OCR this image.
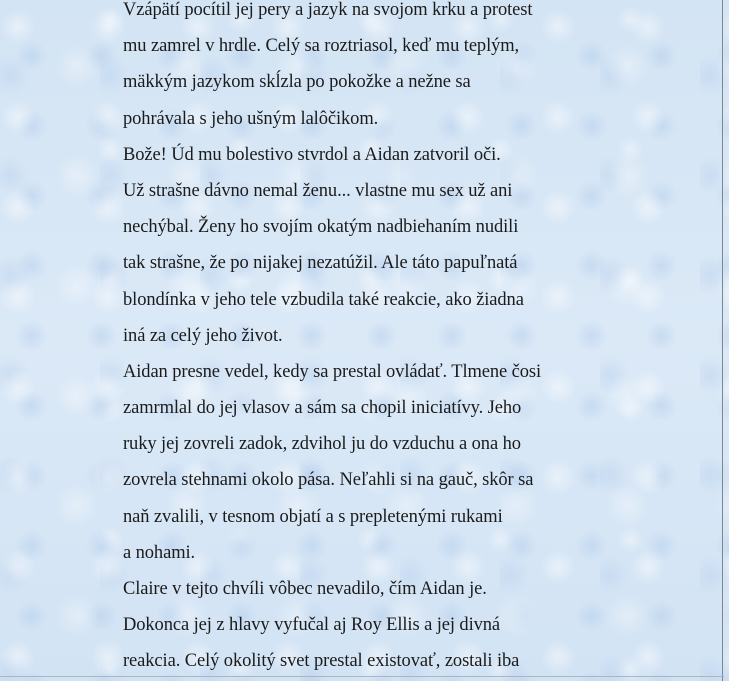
Vzápätí pocítil jej pery a jazyk na svojom krku a protest
mu zamrel v hrdle. Celý sa roztriasol, keď mu teplým,
mäkkým jazykom skĺzla po pokožke a nežne sa
pohrávala s jeho ušným lalôčikom.
Bože! Úd mu bolestivo stvrdol a Aidan zatvoril oči.
Už strašne dávno nemal ženu... vlastne mu sex už ani
nechýbal. Ženy ho svojím okatým nadbiehaním nudili
tak strašne, že po nijakej nezatúžil. Ale táto papuľnatá
blondínka v jeho tele vzbudila také reakcie, ako žiadna
iná za celý jeho život.
Aidan presne vedel, kedy sa prestal ovládať. Tlmene čosi
zamrmlal do jej vlasov a sám sa chopil iniciatívy. Jeho
ruky jej zovreli zadok, zdvihol ju do vzduchu a ona ho
zovrela stehnami okolo pása. Neľahli si na gauč, skôr sa
naň zvalili, v tesnom objatí a s prepletenými rukami
a nohami.
Claire v tejto chvíli vôbec nevadilo, čím Aidan je.
Dokonca jej z hlavy vyfučal aj Roy Ellis a jej divná
reakcia. Celý okolitý svet prestal existovať, zostali iba
